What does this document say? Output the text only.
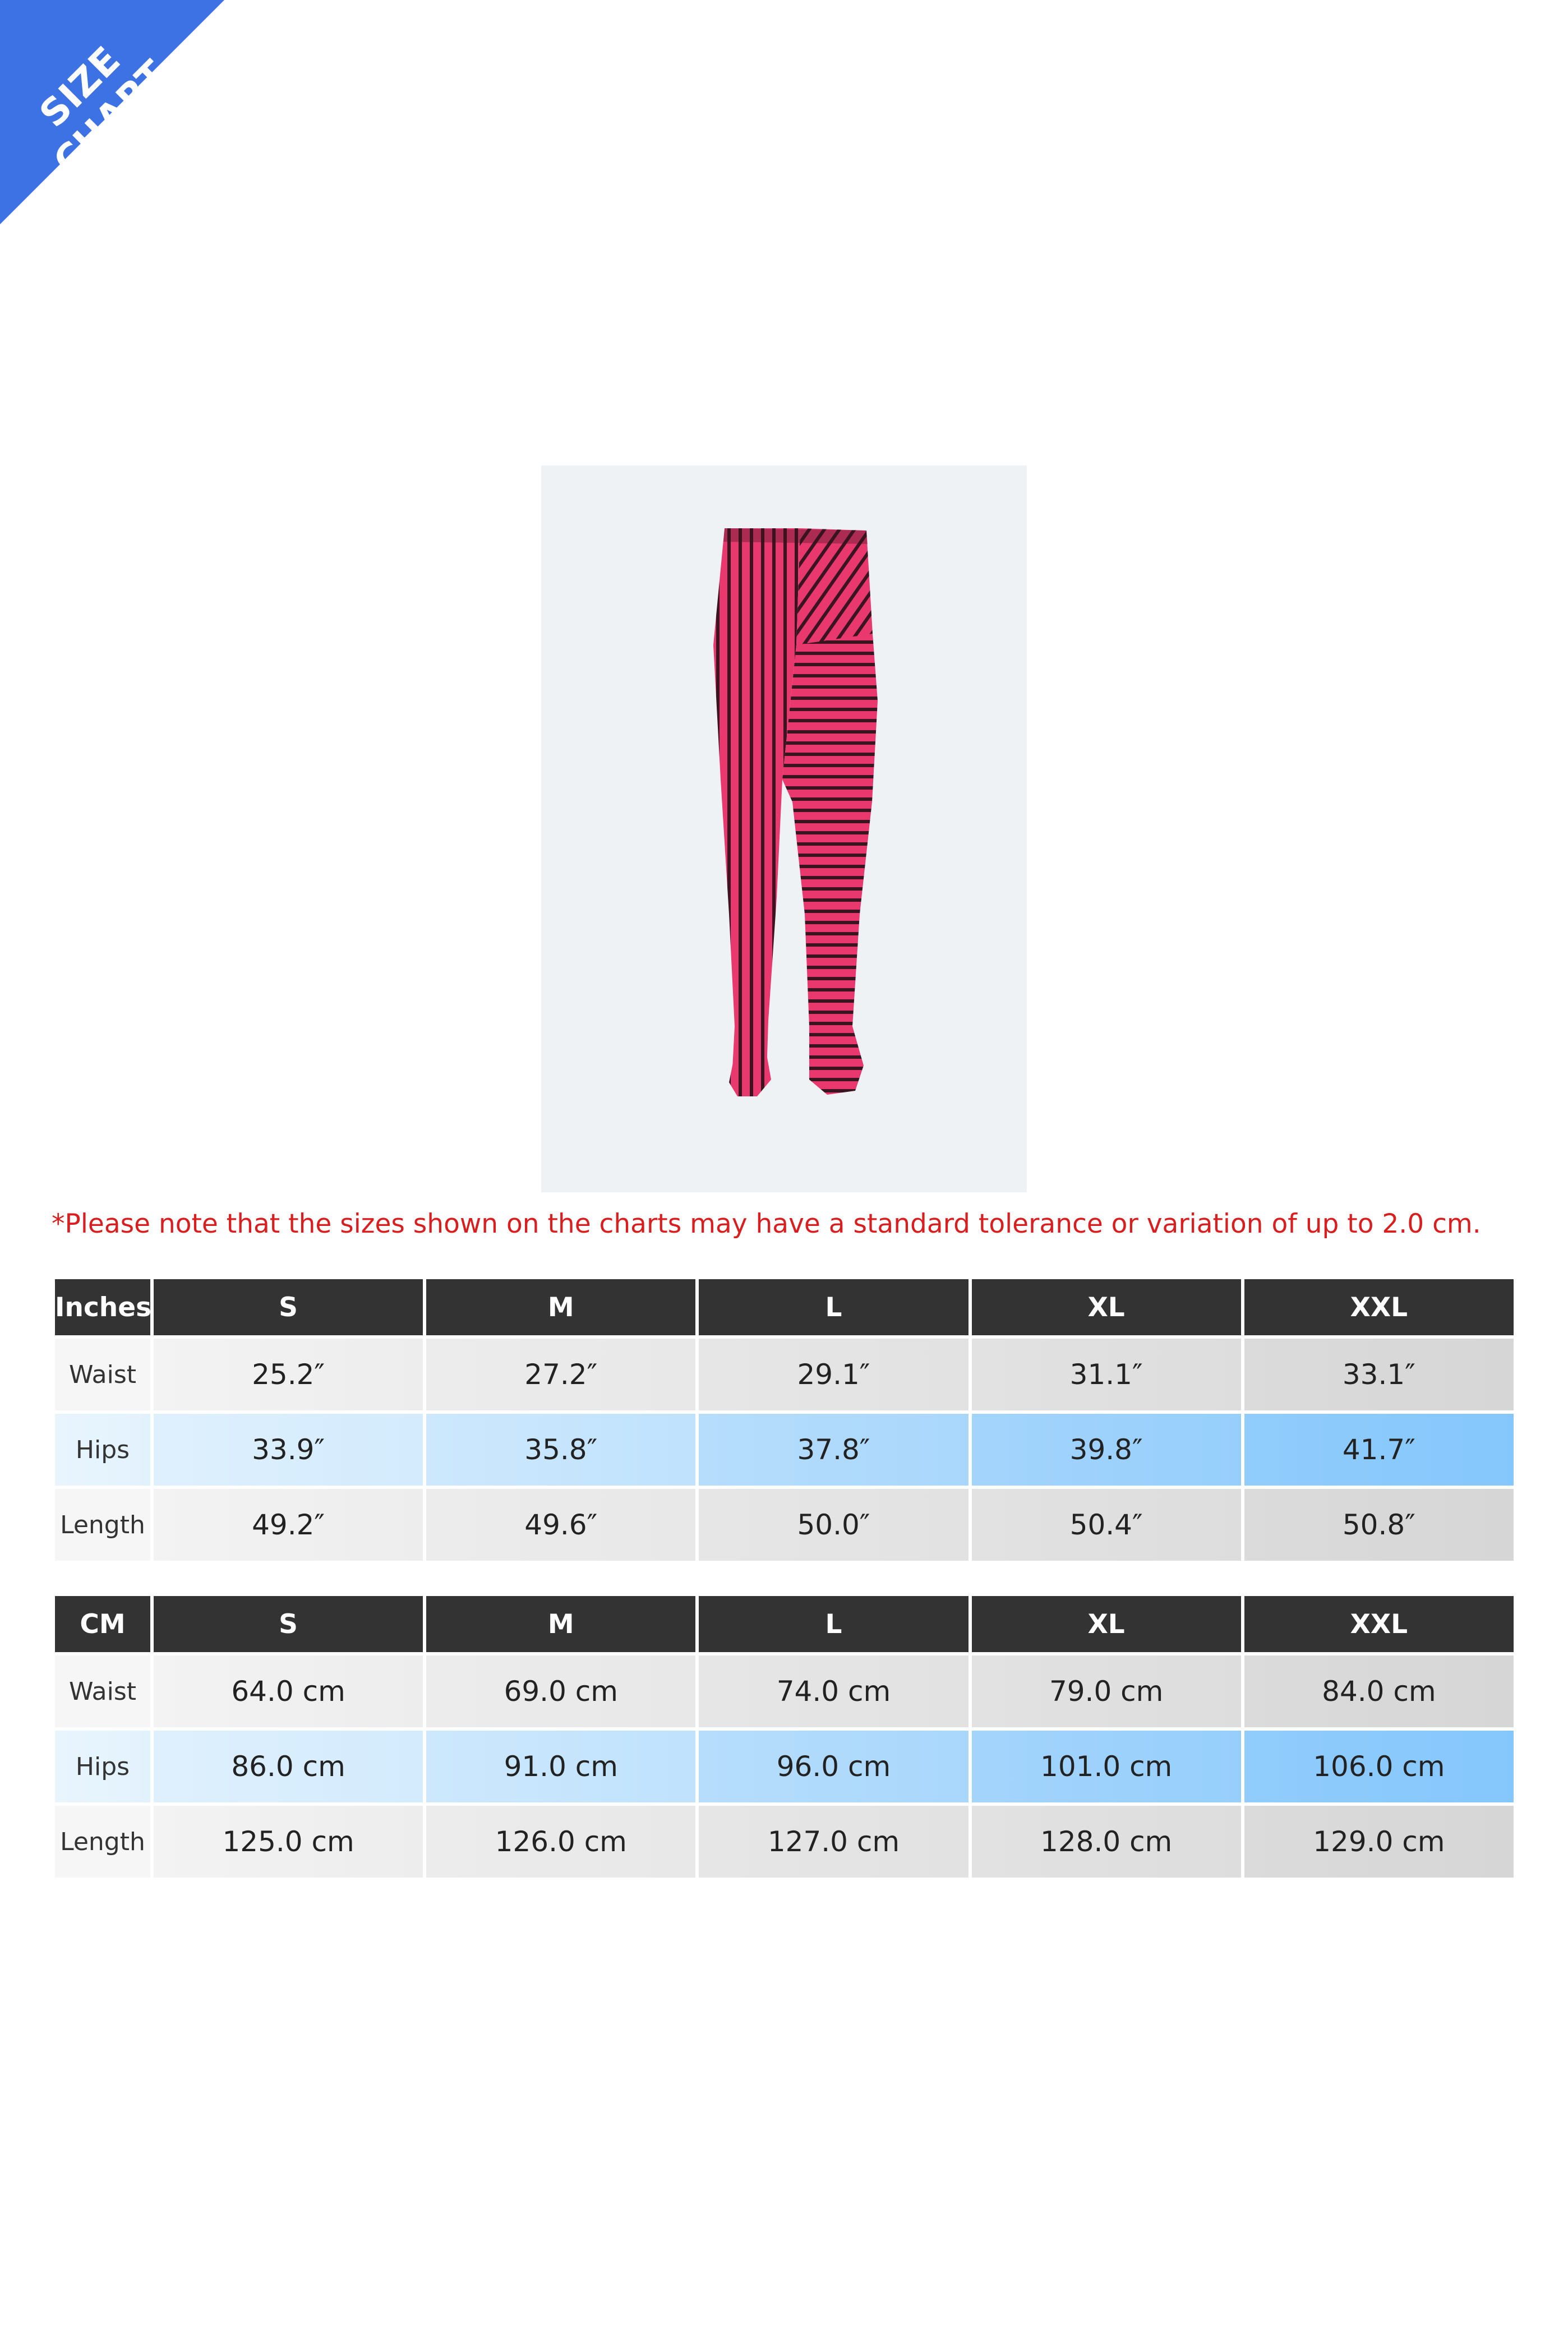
SIZE CHART
*Please note that the sizes shown on the charts may have a standard tolerance or variation of up to 2.0 cm.
Inches	S	M	L	XL	XXL
Waist	25.2″	27.2″	29.1″	31.1″	33.1″
Hips	33.9″	35.8″	37.8″	39.8″	41.7″
Length	49.2″	49.6″	50.0″	50.4″	50.8″
CM	S	M	L	XL	XXL
Waist	64.0 cm	69.0 cm	74.0 cm	79.0 cm	84.0 cm
Hips	86.0 cm	91.0 cm	96.0 cm	101.0 cm	106.0 cm
Length	125.0 cm	126.0 cm	127.0 cm	128.0 cm	129.0 cm
